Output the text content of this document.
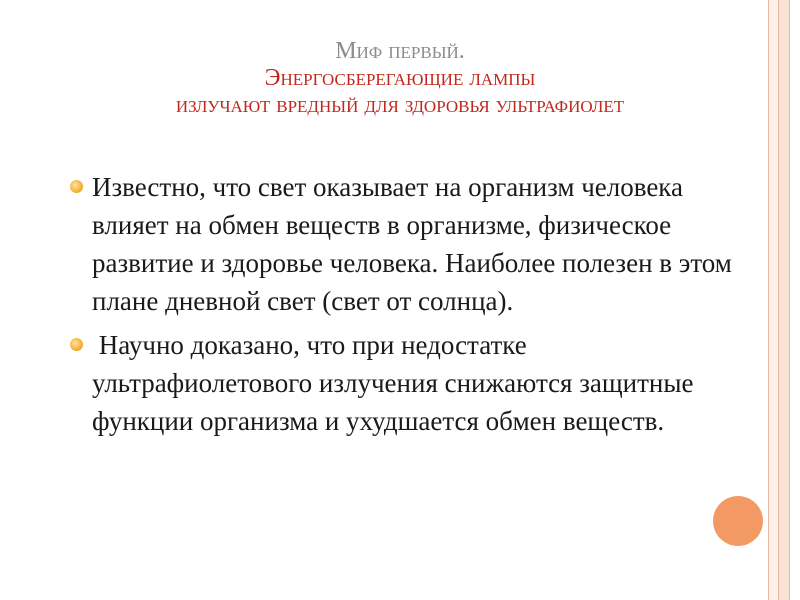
Миф первый.
Энергосберегающие лампы
излучают вредный для здоровья ультрафиолет
Известно, что свет оказывает на организм человека влияет на обмен веществ в организме, физическое развитие и здоровье человека. Наиболее полезен в этом плане дневной свет (свет от солнца).
Научно доказано, что при недостатке ультрафиолетового излучения снижаются защитные функции организма и ухудшается обмен веществ.
